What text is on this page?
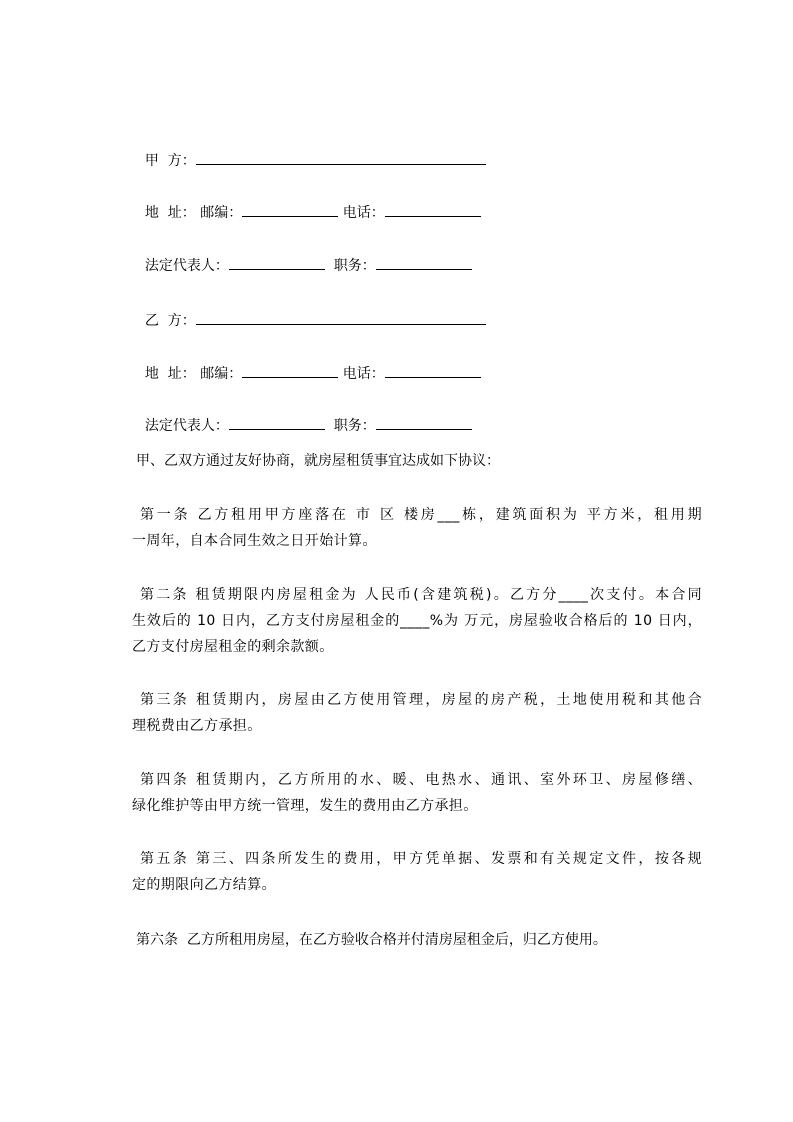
甲  方：

地  址： 邮编：	电话：

法定代表人：	职务：

乙  方：

地  址： 邮编：	电话：

法定代表人：	职务：

甲、乙双方通过友好协商，就房屋租赁事宜达成如下协议：
第一条 乙方租用甲方座落在 市 区 楼房___栋，建筑面积为 平方米，租用期
一周年，自本合同生效之日开始计算。
第二条 租赁期限内房屋租金为 人民币(含建筑税)。乙方分____次支付。本合同
生效后的 10 日内，乙方支付房屋租金的____%为 万元，房屋验收合格后的 10 日内，
乙方支付房屋租金的剩余款额。
第三条 租赁期内，房屋由乙方使用管理，房屋的房产税，土地使用税和其他合
理税费由乙方承担。
第四条 租赁期内，乙方所用的水、暖、电热水、通讯、室外环卫、房屋修缮、
绿化维护等由甲方统一管理，发生的费用由乙方承担。
第五条 第三、四条所发生的费用，甲方凭单据、发票和有关规定文件，按各规
定的期限向乙方结算。
第六条  乙方所租用房屋，在乙方验收合格并付清房屋租金后，归乙方使用。
